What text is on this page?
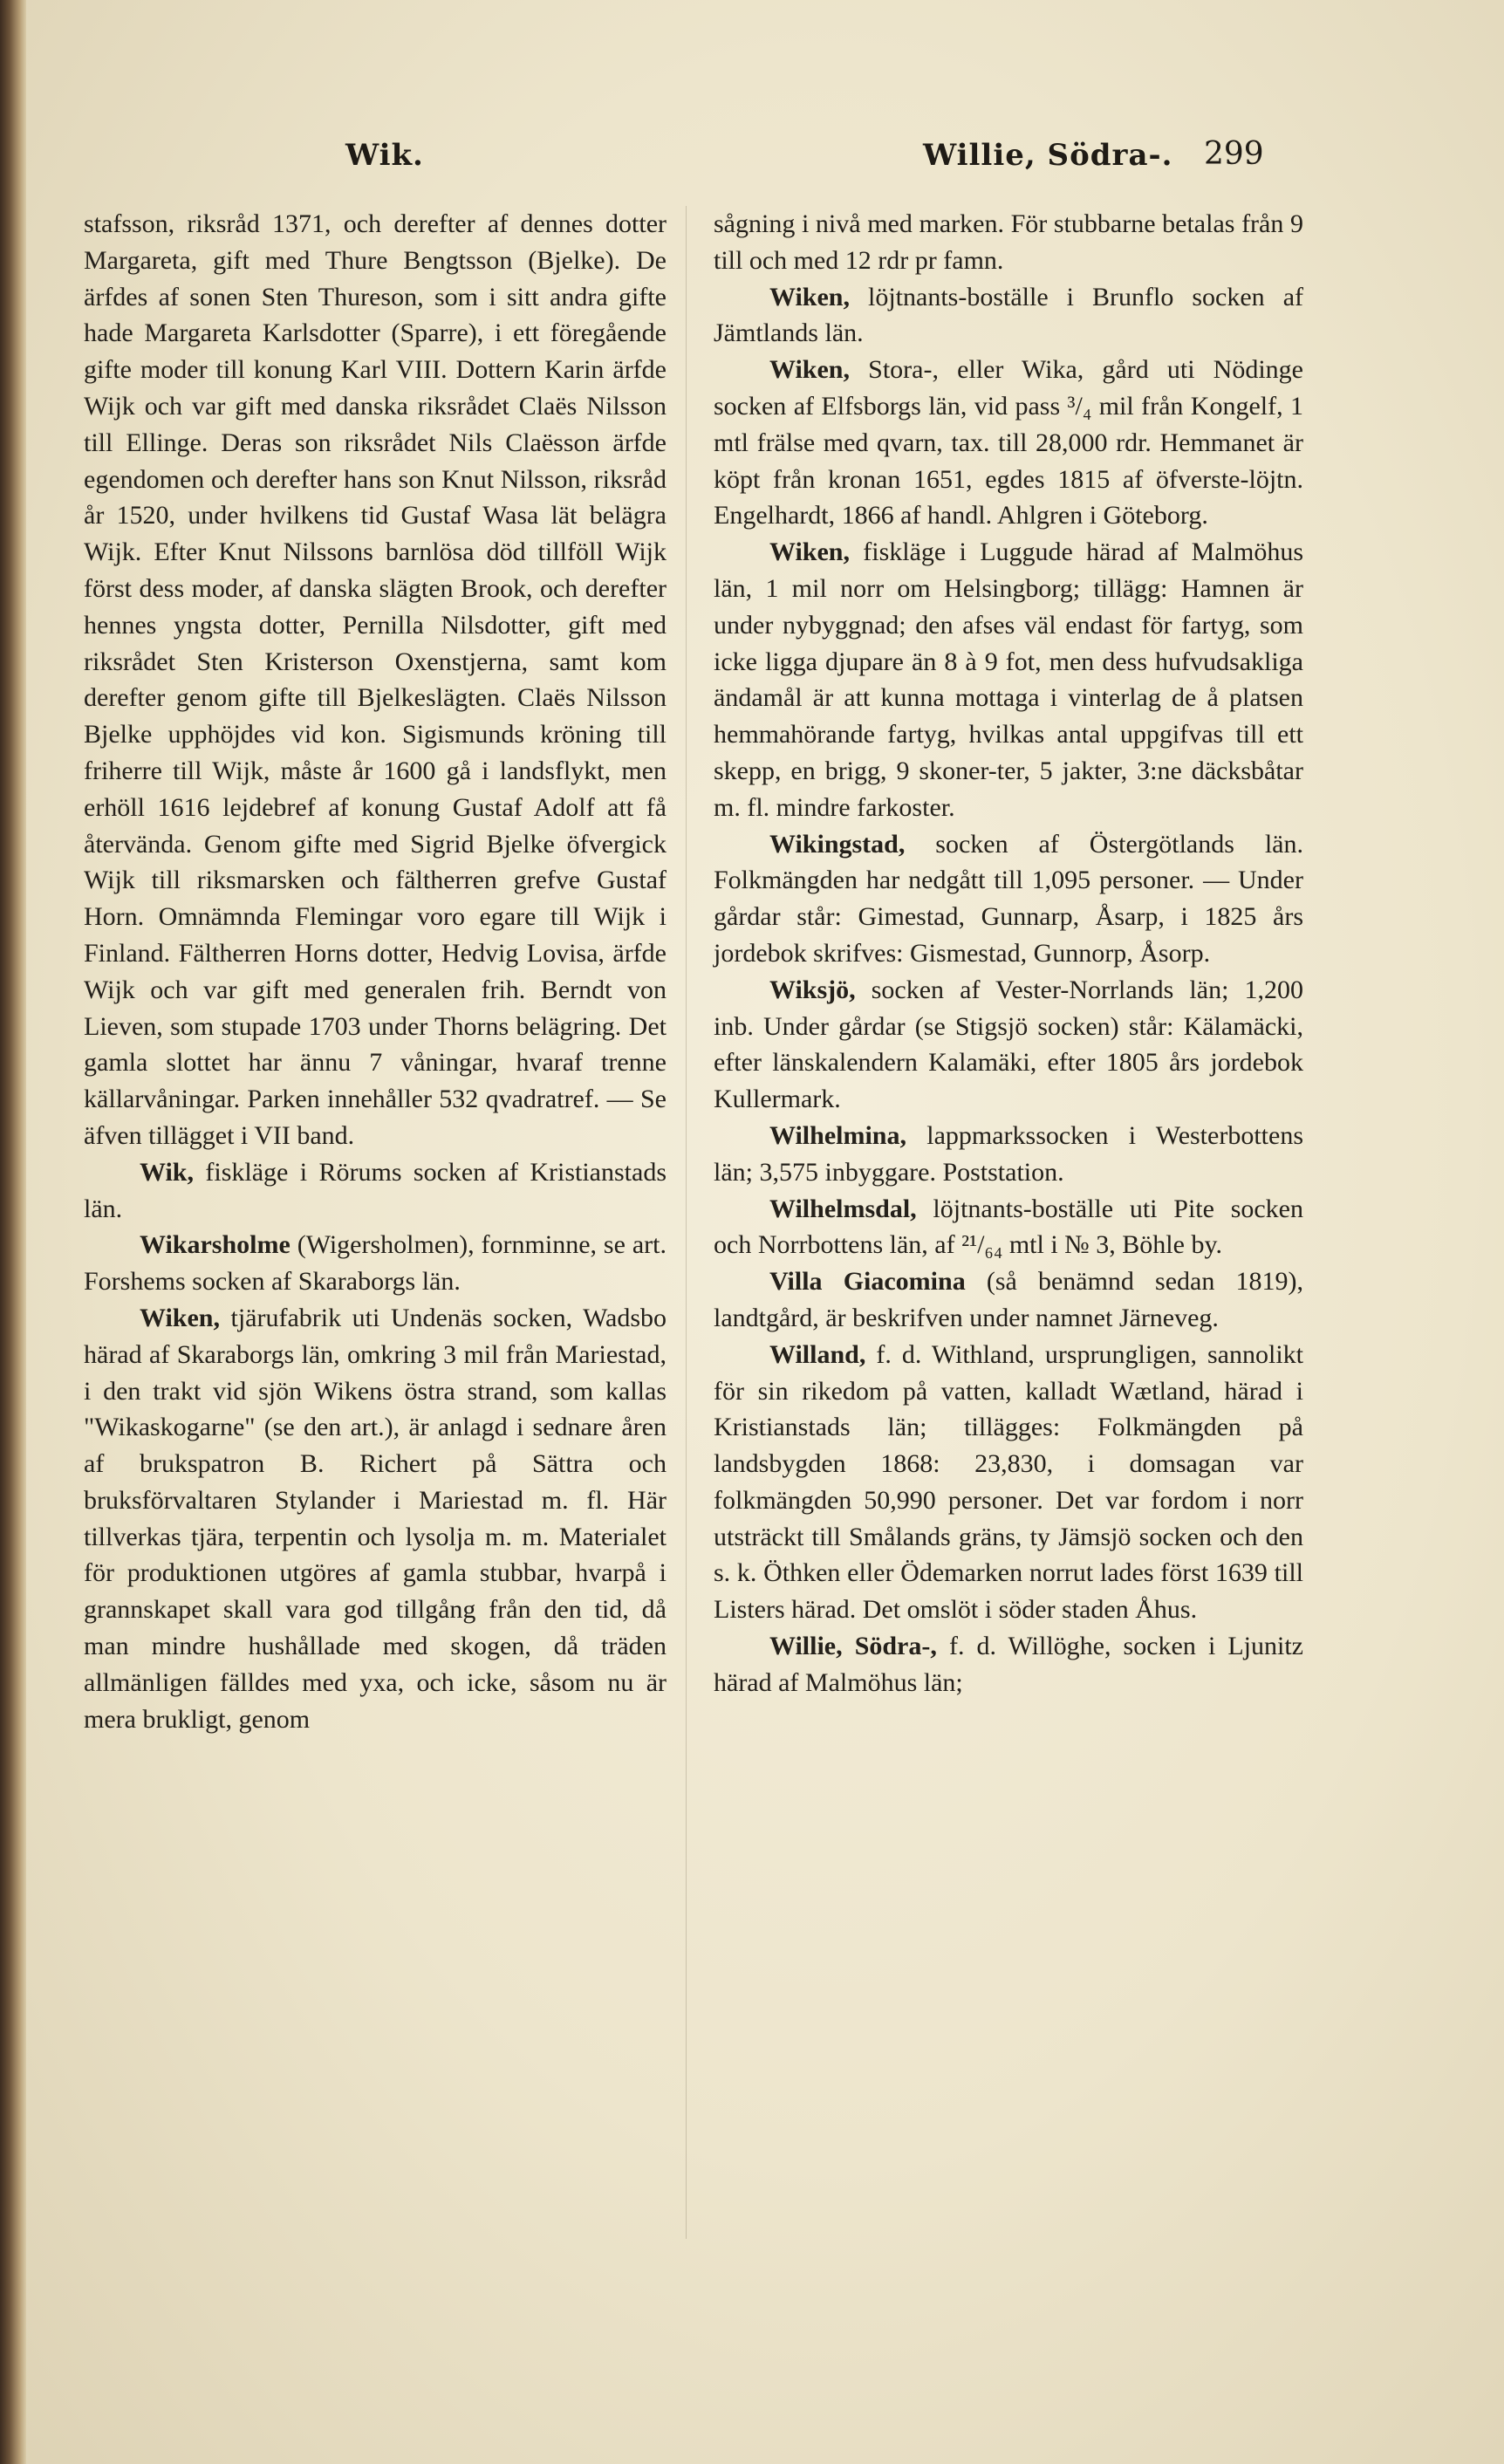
Wik.	Willie, Södra-. 299

stafsson, riksråd 1371, och derefter af dennes dotter Margareta, gift med Thure Bengtsson (Bjelke). De ärfdes af sonen Sten Thureson, som i sitt andra gifte hade Margareta Karlsdotter (Sparre), i ett föregående gifte moder till konung Karl VIII. Dottern Karin ärfde Wijk och var gift med danska riksrådet Claës Nilsson till Ellinge. Deras son riksrådet Nils Claësson ärfde egendomen och derefter hans son Knut Nilsson, riksråd år 1520, under hvilkens tid Gustaf Wasa lät belägra Wijk. Efter Knut Nilssons barnlösa död tillföll Wijk först dess moder, af danska slägten Brook, och derefter hennes yngsta dotter, Pernilla Nilsdotter, gift med riksrådet Sten Kristerson Oxenstjerna, samt kom derefter genom gifte till Bjelkeslägten. Claës Nilsson Bjelke upphöjdes vid kon. Sigismunds kröning till friherre till Wijk, måste år 1600 gå i landsflykt, men erhöll 1616 lejdebref af konung Gustaf Adolf att få återvända. Genom gifte med Sigrid Bjelke öfvergick Wijk till riksmarsken och fältherren grefve Gustaf Horn. Omnämnda Flemingar voro egare till Wijk i Finland. Fältherren Horns dotter, Hedvig Lovisa, ärfde Wijk och var gift med generalen frih. Berndt von Lieven, som stupade 1703 under Thorns belägring. Det gamla slottet har ännu 7 våningar, hvaraf trenne källarvåningar. Parken innehåller 532 qvadratref. — Se äfven tillägget i VII band.

Wik, fiskläge i Rörums socken af Kristianstads län.

Wikarsholme (Wigersholmen), fornminne, se art. Forshems socken af Skaraborgs län.

Wiken, tjärufabrik uti Undenäs socken, Wadsbo härad af Skaraborgs län, omkring 3 mil från Mariestad, i den trakt vid sjön Wikens östra strand, som kallas "Wikaskogarne" (se den art.), är anlagd i sednare åren af brukspatron B. Richert på Sättra och bruksförvaltaren Stylander i Mariestad m. fl. Här tillverkas tjära, terpentin och lysolja m. m. Materialet för produktionen utgöres af gamla stubbar, hvarpå i grannskapet skall vara god tillgång från den tid, då man mindre hushållade med skogen, då träden allmänligen fälldes med yxa, och icke, såsom nu är mera brukligt, genom

sågning i nivå med marken. För stubbarne betalas från 9 till och med 12 rdr pr famn.

Wiken, löjtnants-boställe i Brunflo socken af Jämtlands län.

Wiken, Stora-, eller Wika, gård uti Nödinge socken af Elfsborgs län, vid pass ³/₄ mil från Kongelf, 1 mtl frälse med qvarn, tax. till 28,000 rdr. Hemmanet är köpt från kronan 1651, egdes 1815 af öfverste-löjtn. Engelhardt, 1866 af handl. Ahlgren i Göteborg.

Wiken, fiskläge i Luggude härad af Malmöhus län, 1 mil norr om Helsingborg; tillägg: Hamnen är under nybyggnad; den afses väl endast för fartyg, som icke ligga djupare än 8 à 9 fot, men dess hufvudsakliga ändamål är att kunna mottaga i vinterlag de å platsen hemmahörande fartyg, hvilkas antal uppgifvas till ett skepp, en brigg, 9 skoner-ter, 5 jakter, 3:ne däcksbåtar m. fl. mindre farkoster.

Wikingstad, socken af Östergötlands län. Folkmängden har nedgått till 1,095 personer. — Under gårdar står: Gimestad, Gunnarp, Åsarp, i 1825 års jordebok skrifves: Gismestad, Gunnorp, Åsorp.

Wiksjö, socken af Vester-Norrlands län; 1,200 inb. Under gårdar (se Stigsjö socken) står: Kälamäcki, efter länskalendern Kalamäki, efter 1805 års jordebok Kullermark.

Wilhelmina, lappmarkssocken i Westerbottens län; 3,575 inbyggare. Poststation.

Wilhelmsdal, löjtnants-boställe uti Pite socken och Norrbottens län, af ²¹/₆₄ mtl i № 3, Böhle by.

Villa Giacomina (så benämnd sedan 1819), landtgård, är beskrifven under namnet Järneveg.

Willand, f. d. Withland, ursprungligen, sannolikt för sin rikedom på vatten, kalladt Wætland, härad i Kristianstads län; tillägges: Folkmängden på landsbygden 1868: 23,830, i domsagan var folkmängden 50,990 personer. Det var fordom i norr utsträckt till Smålands gräns, ty Jämsjö socken och den s. k. Öthken eller Ödemarken norrut lades först 1639 till Listers härad. Det omslöt i söder staden Åhus.

Willie, Södra-, f. d. Willöghe, socken i Ljunitz härad af Malmöhus län;
